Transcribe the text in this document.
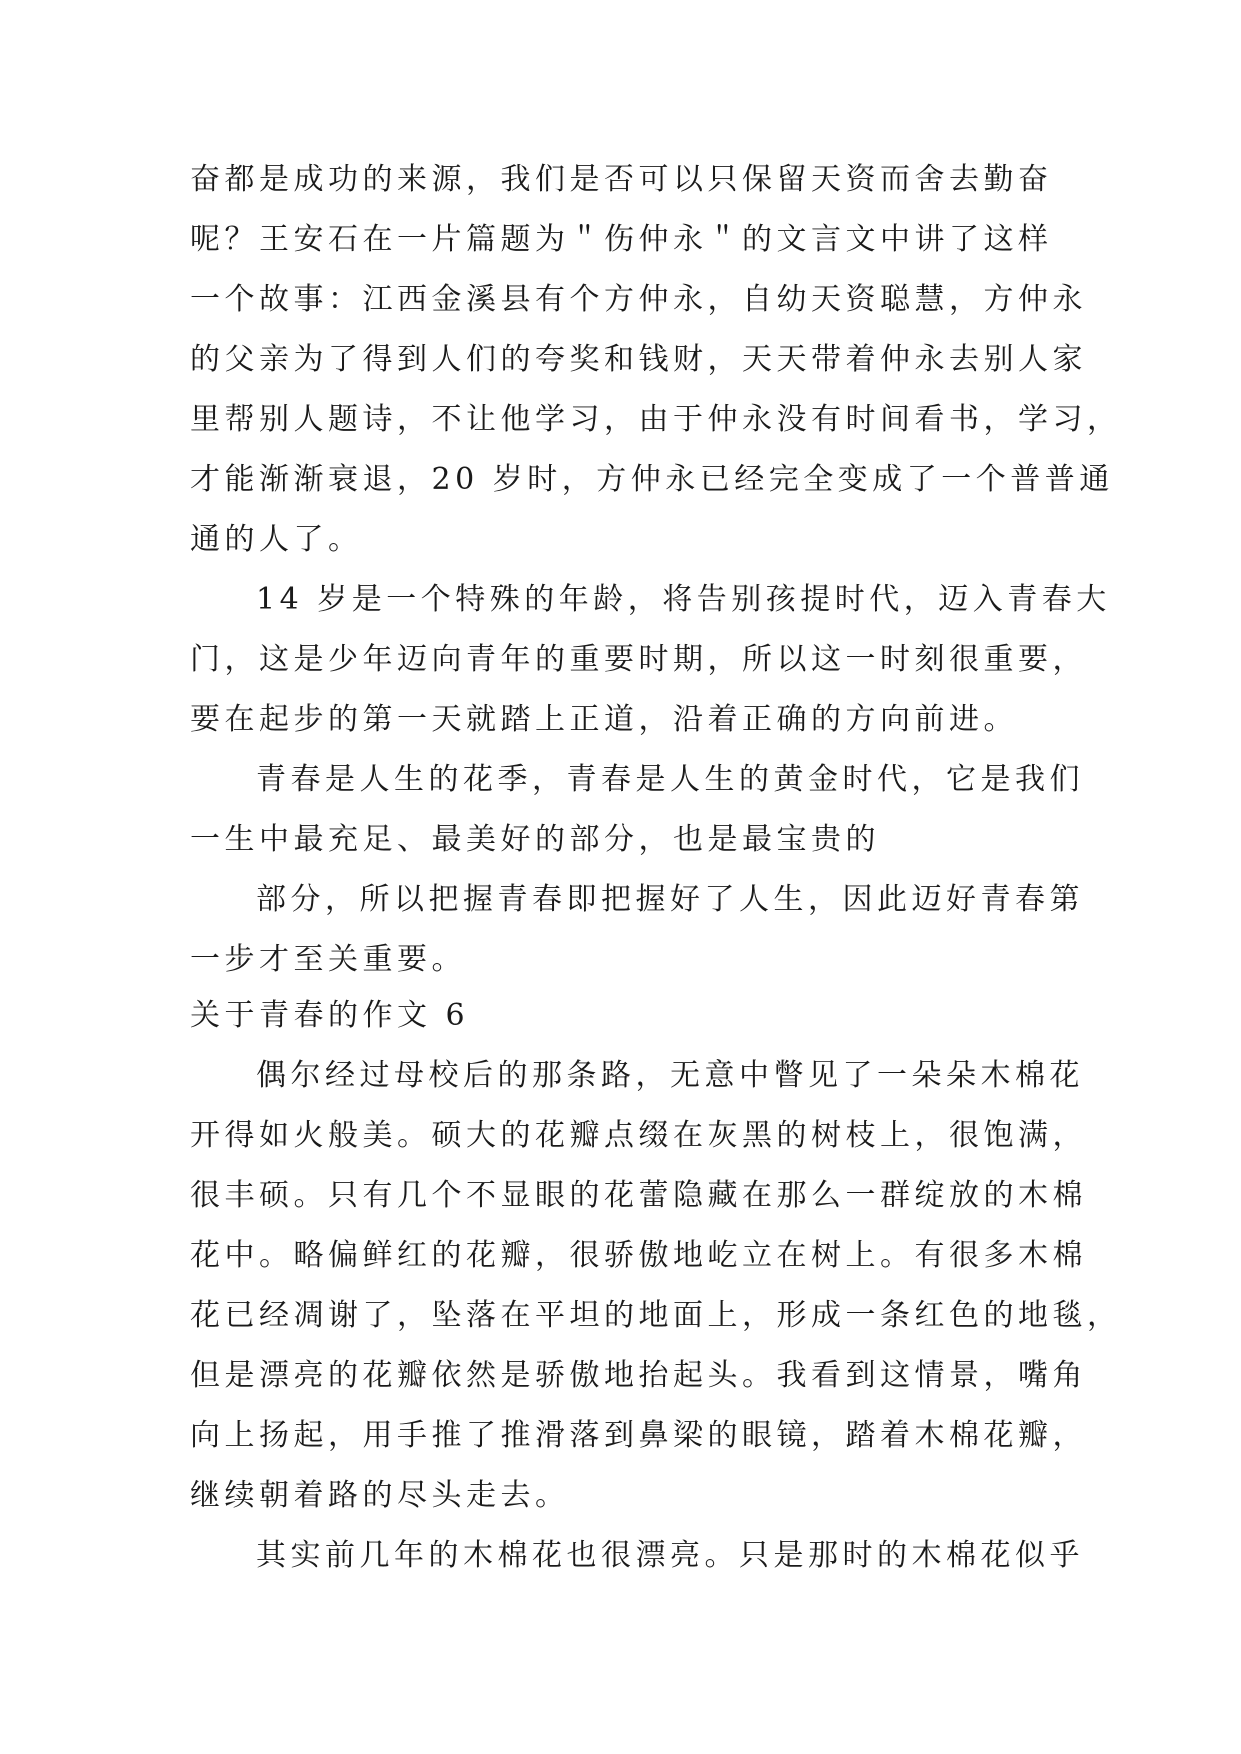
奋都是成功的来源，我们是否可以只保留天资而舍去勤奋
呢？王安石在一片篇题为＂伤仲永＂的文言文中讲了这样
一个故事：江西金溪县有个方仲永，自幼天资聪慧，方仲永
的父亲为了得到人们的夸奖和钱财，天天带着仲永去别人家
里帮别人题诗，不让他学习，由于仲永没有时间看书，学习，
才能渐渐衰退，20 岁时，方仲永已经完全变成了一个普普通
通的人了。
14 岁是一个特殊的年龄，将告别孩提时代，迈入青春大
门，这是少年迈向青年的重要时期，所以这一时刻很重要，
要在起步的第一天就踏上正道，沿着正确的方向前进。
青春是人生的花季，青春是人生的黄金时代，它是我们
一生中最充足、最美好的部分，也是最宝贵的
部分，所以把握青春即把握好了人生，因此迈好青春第
一步才至关重要。
关于青春的作文 6
偶尔经过母校后的那条路，无意中瞥见了一朵朵木棉花
开得如火般美。硕大的花瓣点缀在灰黑的树枝上，很饱满，
很丰硕。只有几个不显眼的花蕾隐藏在那么一群绽放的木棉
花中。略偏鲜红的花瓣，很骄傲地屹立在树上。有很多木棉
花已经凋谢了，坠落在平坦的地面上，形成一条红色的地毯，
但是漂亮的花瓣依然是骄傲地抬起头。我看到这情景，嘴角
向上扬起，用手推了推滑落到鼻梁的眼镜，踏着木棉花瓣，
继续朝着路的尽头走去。
其实前几年的木棉花也很漂亮。只是那时的木棉花似乎
